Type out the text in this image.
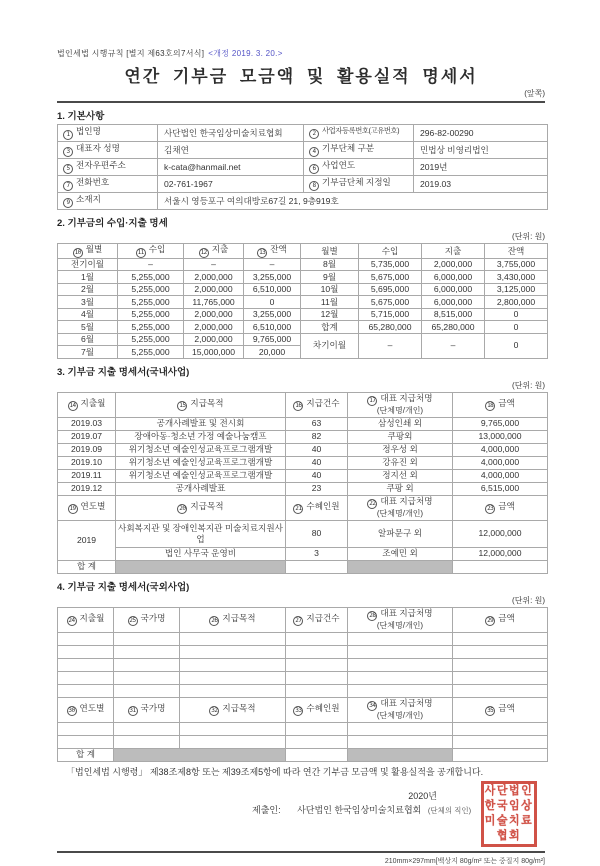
법인세법 시행규칙 [별지 제63호의7서식] <개정 2019. 3. 20.>
연간 기부금 모금액 및 활용실적 명세서
(앞쪽)
1. 기본사항
1 법인명	사단법인 한국임상미술치료협회	2 사업자등록번호(고유번호)	296-82-00290
3 대표자 성명	김채연	4 기부단체 구분	민법상 비영리법인
5 전자우편주소	k-cata@hanmail.net	6 사업연도	2019년
7 전화번호	02-761-1967	8 기부금단체 지정일	2019.03
9 소재지	서울시 영등포구 여의대방로67길 21, 9층919호		
2. 기부금의 수입·지출 명세
(단위: 원)
10 월별	11 수입	12 지출	13 잔액	월별	수입	지출	잔액
전기이월	–	–	–	8월	5,735,000	2,000,000	3,755,000
1월	5,255,000	2,000,000	3,255,000	9월	5,675,000	6,000,000	3,430,000
2월	5,255,000	2,000,000	6,510,000	10월	5,695,000	6,000,000	3,125,000
3월	5,255,000	11,765,000	0	11월	5,675,000	6,000,000	2,800,000
4월	5,255,000	2,000,000	3,255,000	12월	5,715,000	8,515,000	0
5월	5,255,000	2,000,000	6,510,000	합계	65,280,000	65,280,000	0
6월	5,255,000	2,000,000	9,765,000	차기이월	–	–	0
7월	5,255,000	15,000,000	20,000				
3. 기부금 지출 명세서(국내사업)
(단위: 원)
14 지출월	15 지급목적	16 지급건수	17 대표 지급처명
(단체명/개인)	18 금액
2019.03	공개사례발표 및 전시회	63	삼성인쇄 외	9,765,000
2019.07	장애아동·청소년 가정 예술나눔캠프	82	쿠팡외	13,000,000
2019.09	위기청소년 예술인성교육프로그램개발	40	정우성 외	4,000,000
2019.10	위기청소년 예술인성교육프로그램개발	40	강유진 외	4,000,000
2019.11	위기청소년 예술인성교육프로그램개발	40	정지선 외	4,000,000
2019.12	공개사례발표	23	쿠팡 외	6,515,000
19 연도별	20 지급목적	21 수혜인원	22 대표 지급처명
(단체명/개인)	23 금액
2019	사회복지관 및 장애인복지관 미술치료지원사업	80	알파문구 외	12,000,000
	법인 사무국 운영비	3	조예민 외	12,000,000
합 계				
4. 기부금 지출 명세서(국외사업)
(단위: 원)
24 지출월	25 국가명	26 지급목적	27 지급건수	28 대표 지급처명
(단체명/개인)	29 금액

30 연도별	31 국가명	32 지급목적	33 수혜인원	34 대표 지급처명
(단체명/개인)	35 금액

합 계					
「법인세법 시행령」 제38조제8항 또는 제39조제5항에 따라 연간 기부금 모금액 및 활용실적을 공개합니다.
2020년
제출인: 사단법인 한국임상미술치료협회 (단체의 직인)
사단법인
한국임상
미술치료
협회
210mm×297mm[백상지 80g/m² 또는 중질지 80g/m²]
